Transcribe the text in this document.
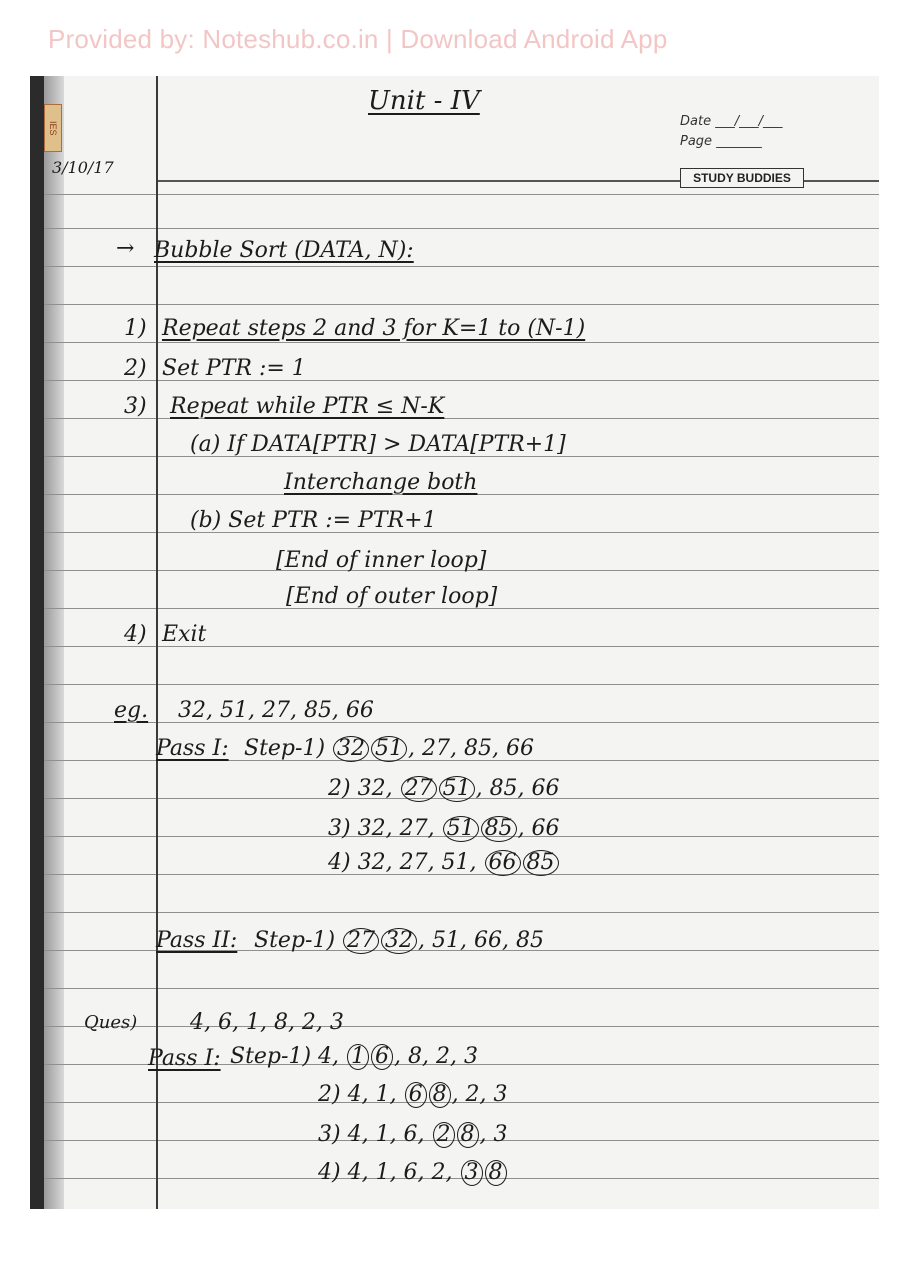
Provided by: Noteshub.co.in | Download Android App
IES
3/10/17
Unit - IV
Date ___/___/___
Page _______
STUDY BUDDIES
→ Bubble Sort (DATA, N):
1) Repeat steps 2 and 3 for K=1 to (N-1)
2) Set PTR := 1
3) Repeat while PTR ≤ N-K
(a) If DATA[PTR] > DATA[PTR+1]
Interchange both
(b) Set PTR := PTR+1
[End of inner loop]
[End of outer loop]
4) Exit
eg. 32, 51, 27, 85, 66
Pass I: Step-1) 32 51 , 27, 85, 66
2) 32, 27 51 , 85, 66
3) 32, 27, 51 85 , 66
4) 32, 27, 51, 66 85
Pass II: Step-1) 27 32 , 51, 66, 85
Ques) 4, 6, 1, 8, 2, 3
Pass I: Step-1) 4, 1 6 , 8, 2, 3
2) 4, 1, 6 8 , 2, 3
3) 4, 1, 6, 2 8 , 3
4) 4, 1, 6, 2, 3 8
